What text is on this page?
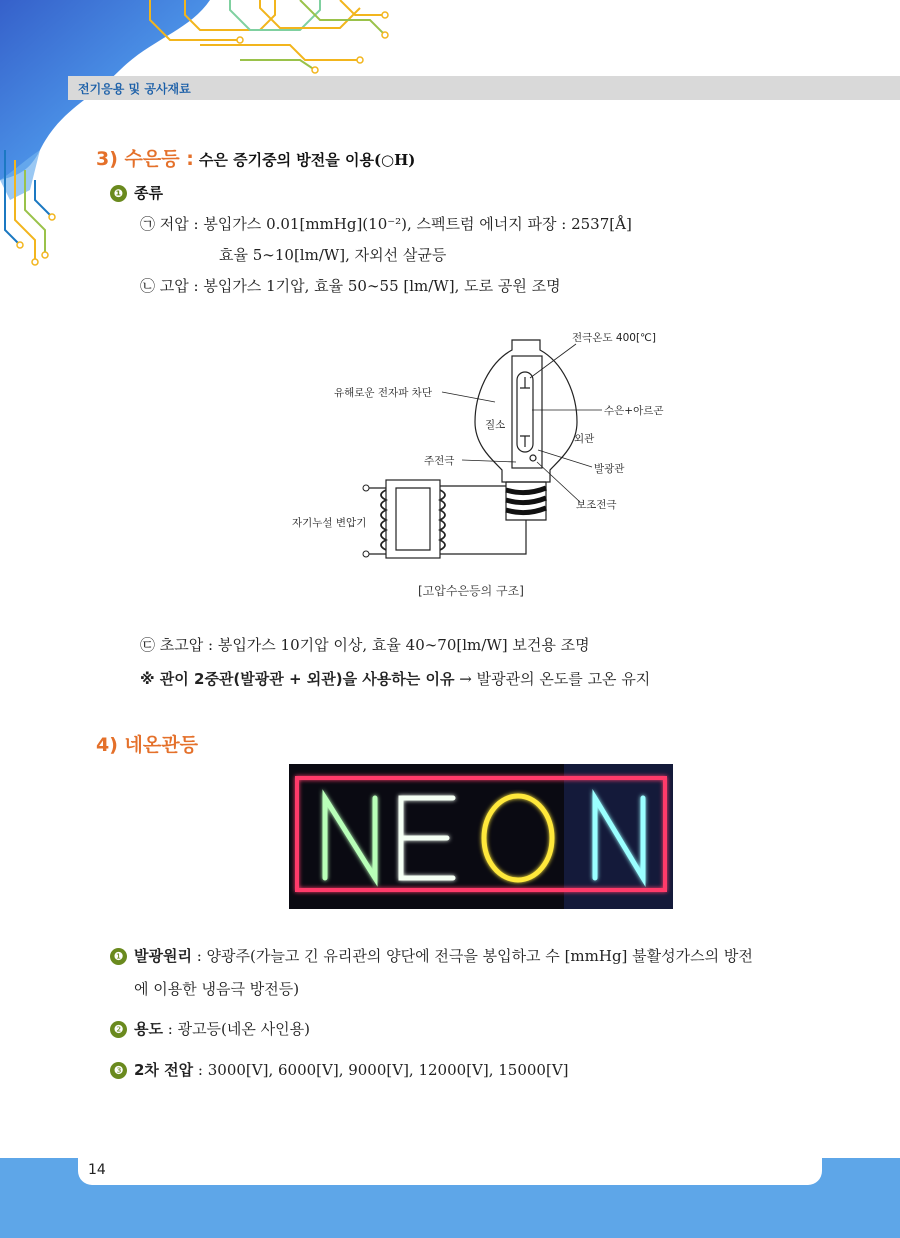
전기응용 및 공사재료
3) 수은등 : 수은 증기중의 방전을 이용(○H)
❶ 종류
㉠ 저압 : 봉입가스 0.01[mmHg](10⁻²), 스펙트럼 에너지 파장 : 2537[Å]
효율 5∼10[lm/W], 자외선 살균등
㉡ 고압 : 봉입가스 1기압, 효율 50∼55 [lm/W], 도로 공원 조명
전극온도 400[℃]
유해로운 전자파 차단
질소
수은+아르곤
외관
주전극
발광관
보조전극
자기누설 변압기
[고압수은등의 구조]
㉢ 초고압 : 봉입가스 10기압 이상, 효율 40∼70[lm/W] 보건용 조명
※ 관이 2중관(발광관 + 외관)을 사용하는 이유 → 발광관의 온도를 고온 유지
4) 네온관등
❶ 발광원리 : 양광주(가늘고 긴 유리관의 양단에 전극을 봉입하고 수 [mmHg] 불활성가스의 방전
에 이용한 냉음극 방전등)
❷ 용도 : 광고등(네온 사인용)
❸ 2차 전압 : 3000[V], 6000[V], 9000[V], 12000[V], 15000[V]
14
